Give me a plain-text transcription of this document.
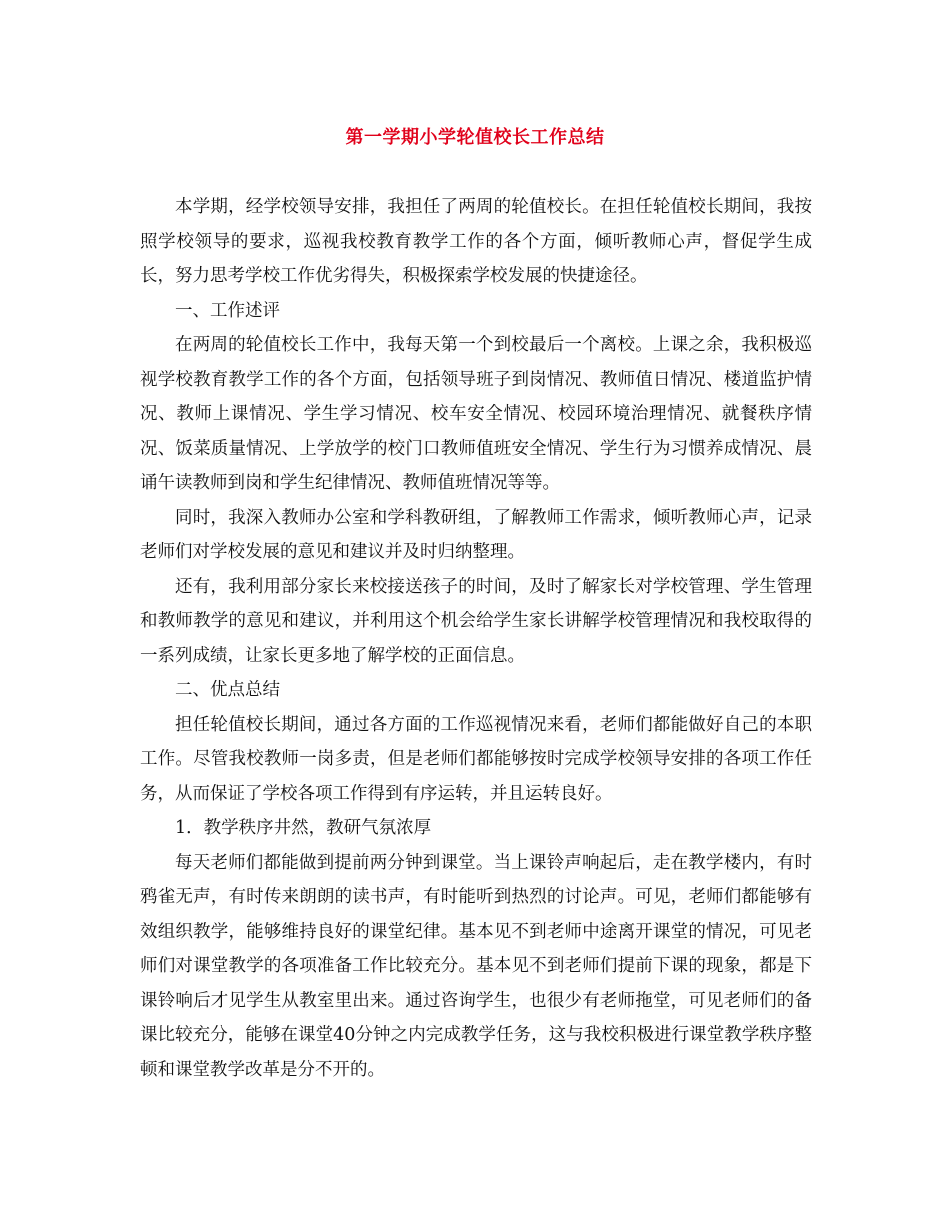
第一学期小学轮值校长工作总结

本学期，经学校领导安排，我担任了两周的轮值校长。在担任轮值校长期间，我按照学校领导的要求，巡视我校教育教学工作的各个方面，倾听教师心声，督促学生成长，努力思考学校工作优劣得失，积极探索学校发展的快捷途径。

一、工作述评

在两周的轮值校长工作中，我每天第一个到校最后一个离校。上课之余，我积极巡视学校教育教学工作的各个方面，包括领导班子到岗情况、教师值日情况、楼道监护情况、教师上课情况、学生学习情况、校车安全情况、校园环境治理情况、就餐秩序情况、饭菜质量情况、上学放学的校门口教师值班安全情况、学生行为习惯养成情况、晨诵午读教师到岗和学生纪律情况、教师值班情况等等。

同时，我深入教师办公室和学科教研组，了解教师工作需求，倾听教师心声，记录老师们对学校发展的意见和建议并及时归纳整理。

还有，我利用部分家长来校接送孩子的时间，及时了解家长对学校管理、学生管理和教师教学的意见和建议，并利用这个机会给学生家长讲解学校管理情况和我校取得的一系列成绩，让家长更多地了解学校的正面信息。

二、优点总结

担任轮值校长期间，通过各方面的工作巡视情况来看，老师们都能做好自己的本职工作。尽管我校教师一岗多责，但是老师们都能够按时完成学校领导安排的各项工作任务，从而保证了学校各项工作得到有序运转，并且运转良好。

1．教学秩序井然，教研气氛浓厚

每天老师们都能做到提前两分钟到课堂。当上课铃声响起后，走在教学楼内，有时鸦雀无声，有时传来朗朗的读书声，有时能听到热烈的讨论声。可见，老师们都能够有效组织教学，能够维持良好的课堂纪律。基本见不到老师中途离开课堂的情况，可见老师们对课堂教学的各项准备工作比较充分。基本见不到老师们提前下课的现象，都是下课铃响后才见学生从教室里出来。通过咨询学生，也很少有老师拖堂，可见老师们的备课比较充分，能够在课堂40分钟之内完成教学任务，这与我校积极进行课堂教学秩序整顿和课堂教学改革是分不开的。
